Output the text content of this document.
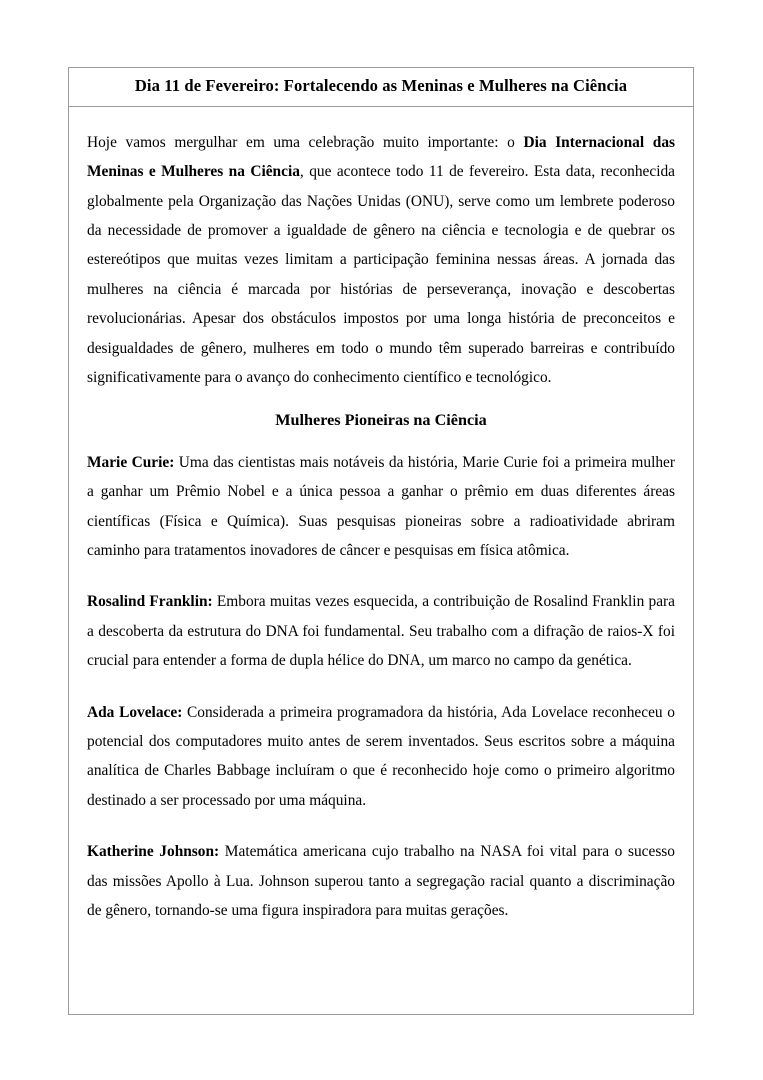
Dia 11 de Fevereiro: Fortalecendo as Meninas e Mulheres na Ciência

Hoje vamos mergulhar em uma celebração muito importante: o Dia Internacional das Meninas e Mulheres na Ciência, que acontece todo 11 de fevereiro. Esta data, reconhecida globalmente pela Organização das Nações Unidas (ONU), serve como um lembrete poderoso da necessidade de promover a igualdade de gênero na ciência e tecnologia e de quebrar os estereótipos que muitas vezes limitam a participação feminina nessas áreas. A jornada das mulheres na ciência é marcada por histórias de perseverança, inovação e descobertas revolucionárias. Apesar dos obstáculos impostos por uma longa história de preconceitos e desigualdades de gênero, mulheres em todo o mundo têm superado barreiras e contribuído significativamente para o avanço do conhecimento científico e tecnológico.

Mulheres Pioneiras na Ciência

Marie Curie: Uma das cientistas mais notáveis da história, Marie Curie foi a primeira mulher a ganhar um Prêmio Nobel e a única pessoa a ganhar o prêmio em duas diferentes áreas científicas (Física e Química). Suas pesquisas pioneiras sobre a radioatividade abriram caminho para tratamentos inovadores de câncer e pesquisas em física atômica.

Rosalind Franklin: Embora muitas vezes esquecida, a contribuição de Rosalind Franklin para a descoberta da estrutura do DNA foi fundamental. Seu trabalho com a difração de raios-X foi crucial para entender a forma de dupla hélice do DNA, um marco no campo da genética.

Ada Lovelace: Considerada a primeira programadora da história, Ada Lovelace reconheceu o potencial dos computadores muito antes de serem inventados. Seus escritos sobre a máquina analítica de Charles Babbage incluíram o que é reconhecido hoje como o primeiro algoritmo destinado a ser processado por uma máquina.

Katherine Johnson: Matemática americana cujo trabalho na NASA foi vital para o sucesso das missões Apollo à Lua. Johnson superou tanto a segregação racial quanto a discriminação de gênero, tornando-se uma figura inspiradora para muitas gerações.
